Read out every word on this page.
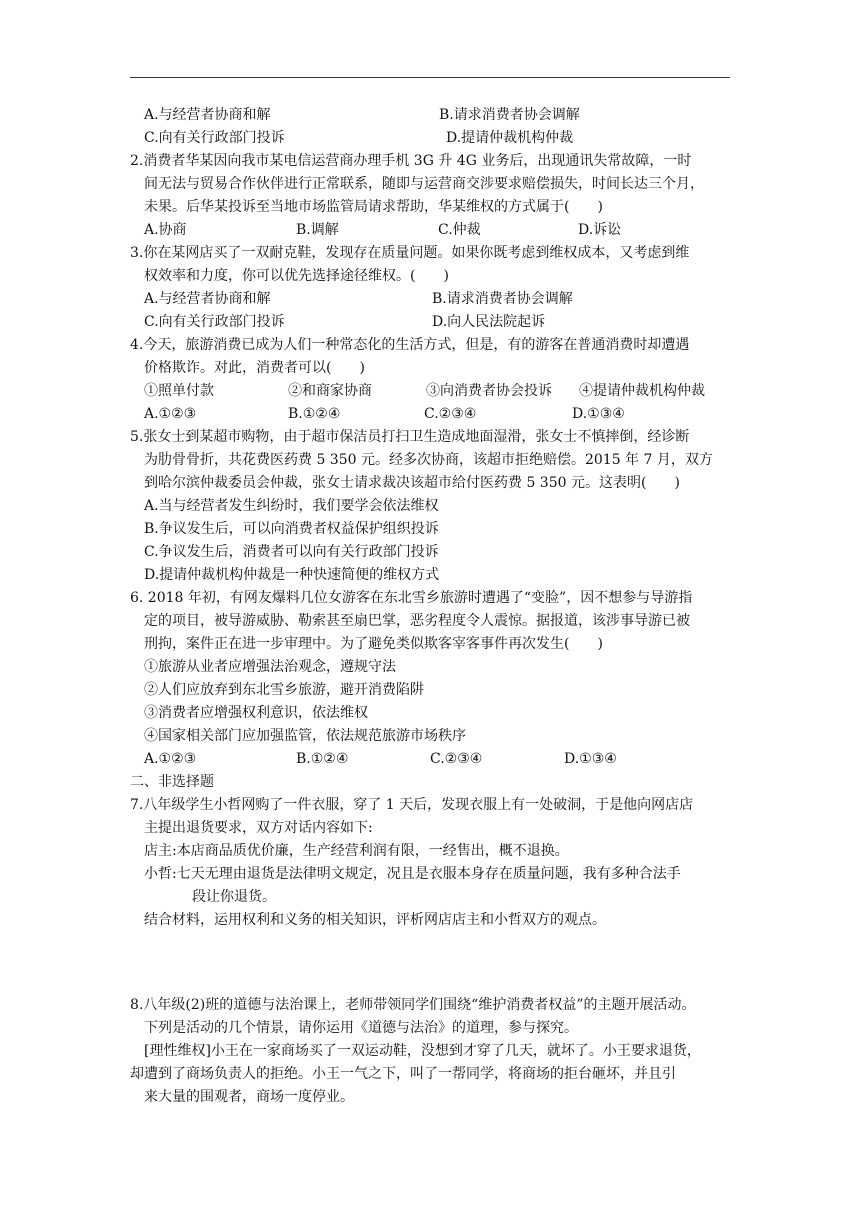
A.与经营者协商和解	B.请求消费者协会调解
C.向有关行政部门投诉	D.提请仲裁机构仲裁
2.消费者华某因向我市某电信运营商办理手机 3G 升 4G 业务后，出现通讯失常故障，一时
间无法与贸易合作伙伴进行正常联系，随即与运营商交涉要求赔偿损失，时间长达三个月，
未果。后华某投诉至当地市场监管局请求帮助，华某维权的方式属于(　　)
A.协商	B.调解	C.仲裁	D.诉讼
3.你在某网店买了一双耐克鞋，发现存在质量问题。如果你既考虑到维权成本，又考虑到维
权效率和力度，你可以优先选择途径维权。(　　)
A.与经营者协商和解	B.请求消费者协会调解
C.向有关行政部门投诉	D.向人民法院起诉
4.今天，旅游消费已成为人们一种常态化的生活方式，但是，有的游客在普通消费时却遭遇
价格欺诈。对此，消费者可以(　　)
①照单付款	②和商家协商	③向消费者协会投诉 ④提请仲裁机构仲裁
A.①②③	B.①②④	C.②③④	D.①③④
5.张女士到某超市购物，由于超市保洁员打扫卫生造成地面湿滑，张女士不慎摔倒，经诊断
为肋骨骨折，共花费医药费 5 350 元。经多次协商，该超市拒绝赔偿。2015 年 7 月，双方
到哈尔滨仲裁委员会仲裁，张女士请求裁决该超市给付医药费 5 350 元。这表明(　　)
A.当与经营者发生纠纷时，我们要学会依法维权
B.争议发生后，可以向消费者权益保护组织投诉
C.争议发生后，消费者可以向有关行政部门投诉
D.提请仲裁机构仲裁是一种快速简便的维权方式
6. 2018 年初，有网友爆料几位女游客在东北雪乡旅游时遭遇了“变脸”，因不想参与导游指
定的项目，被导游威胁、勒索甚至扇巴掌，恶劣程度令人震惊。据报道，该涉事导游已被
刑拘，案件正在进一步审理中。为了避免类似欺客宰客事件再次发生(　　)
①旅游从业者应增强法治观念，遵规守法
②人们应放弃到东北雪乡旅游，避开消费陷阱
③消费者应增强权利意识，依法维权
④国家相关部门应加强监管，依法规范旅游市场秩序
A.①②③	B.①②④	C.②③④	D.①③④
二、非选择题
7.八年级学生小哲网购了一件衣服，穿了 1 天后，发现衣服上有一处破洞，于是他向网店店
主提出退货要求，双方对话内容如下:
店主:本店商品质优价廉，生产经营利润有限，一经售出，概不退换。
小哲:七天无理由退货是法律明文规定，况且是衣服本身存在质量问题，我有多种合法手
段让你退货。
结合材料，运用权利和义务的相关知识，评析网店店主和小哲双方的观点。
8.八年级(2)班的道德与法治课上，老师带领同学们围绕“维护消费者权益”的主题开展活动。
下列是活动的几个情景，请你运用《道德与法治》的道理，参与探究。
[理性维权]小王在一家商场买了一双运动鞋，没想到才穿了几天，就坏了。小王要求退货，
却遭到了商场负责人的拒绝。小王一气之下，叫了一帮同学，将商场的拒台砸坏，并且引
来大量的围观者，商场一度停业。
